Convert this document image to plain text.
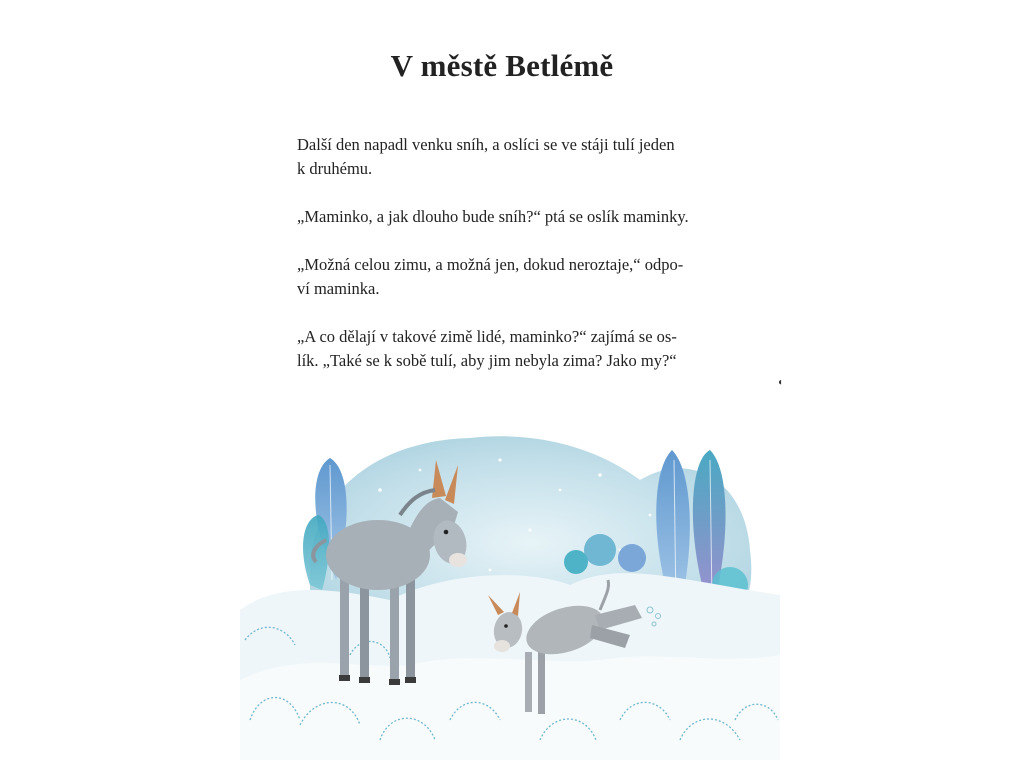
V městě Betlémě

Další den napadl venku sníh, a oslíci se ve stáji tulí jeden
k druhému.

„Maminko, a jak dlouho bude sníh?“ ptá se oslík maminky.

„Možná celou zimu, a možná jen, dokud neroztaje,“ odpo-
ví maminka.

„A co dělají v takové zimě lidé, maminko?“ zajímá se os-
lík. „Také se k sobě tulí, aby jim nebyla zima? Jako my?“

◖
